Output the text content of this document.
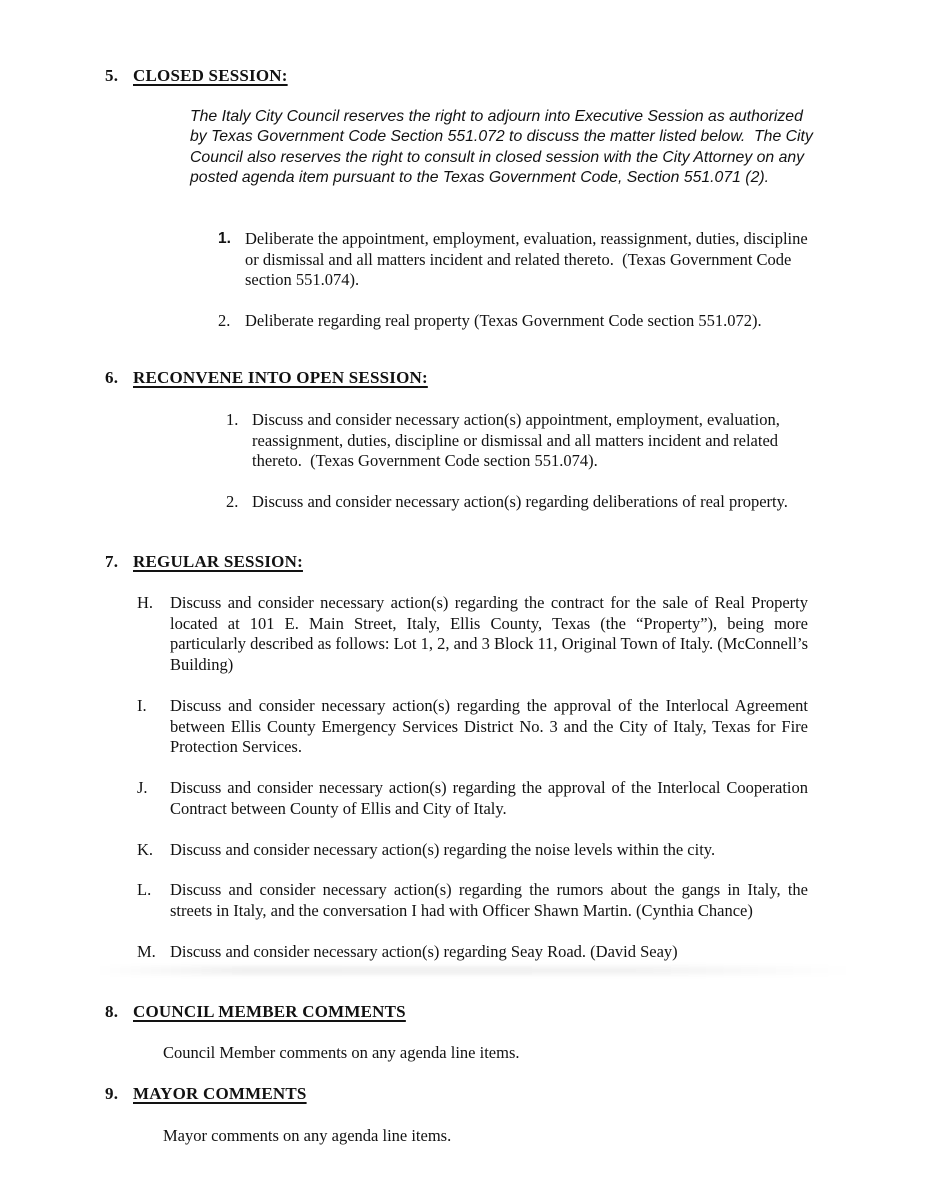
5. CLOSED SESSION:

The Italy City Council reserves the right to adjourn into Executive Session as authorized by Texas Government Code Section 551.072 to discuss the matter listed below.  The City Council also reserves the right to consult in closed session with the City Attorney on any posted agenda item pursuant to the Texas Government Code, Section 551.071 (2).

1. Deliberate the appointment, employment, evaluation, reassignment, duties, discipline or dismissal and all matters incident and related thereto.  (Texas Government Code section 551.074).
2. Deliberate regarding real property (Texas Government Code section 551.072).
6. RECONVENE INTO OPEN SESSION:
1. Discuss and consider necessary action(s) appointment, employment, evaluation, reassignment, duties, discipline or dismissal and all matters incident and related thereto.  (Texas Government Code section 551.074).
2. Discuss and consider necessary action(s) regarding deliberations of real property.
7. REGULAR SESSION:
H.	Discuss and consider necessary action(s) regarding the contract for the sale of Real Property located at 101 E. Main Street, Italy, Ellis County, Texas (the “Property”), being more particularly described as follows: Lot 1, 2, and 3 Block 11, Original Town of Italy. (McConnell’s Building)
I.	Discuss and consider necessary action(s) regarding the approval of the Interlocal Agreement between Ellis County Emergency Services District No. 3 and the City of Italy, Texas for Fire Protection Services.
J.	Discuss and consider necessary action(s) regarding the approval of the Interlocal Cooperation Contract between County of Ellis and City of Italy.
K.	Discuss and consider necessary action(s) regarding the noise levels within the city.
L.	Discuss and consider necessary action(s) regarding the rumors about the gangs in Italy, the streets in Italy, and the conversation I had with Officer Shawn Martin. (Cynthia Chance)
M. Discuss and consider necessary action(s) regarding Seay Road. (David Seay)
8. COUNCIL MEMBER COMMENTS

Council Member comments on any agenda line items.

9. MAYOR COMMENTS

Mayor comments on any agenda line items.
